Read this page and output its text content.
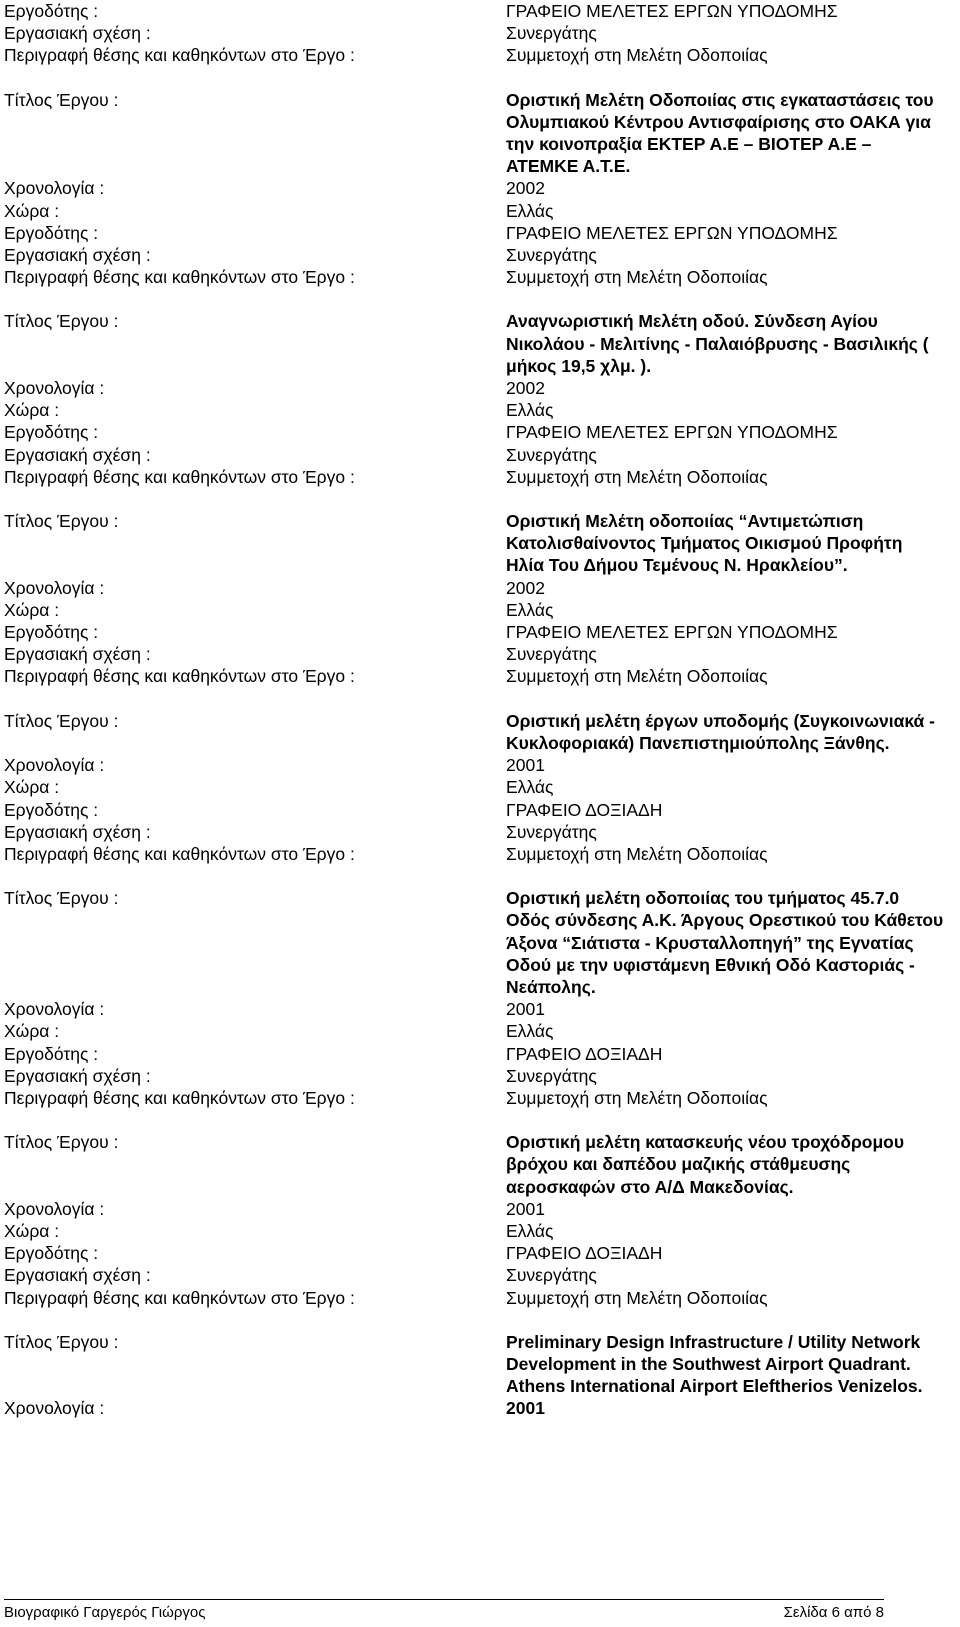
Εργοδότης :	ΓΡΑΦΕΙΟ ΜΕΛΕΤΕΣ ΕΡΓΩΝ ΥΠΟΔΟΜΗΣ
Εργασιακή σχέση :	Συνεργάτης
Περιγραφή θέσης και καθηκόντων στο Έργο :	Συμμετοχή στη Μελέτη Οδοποιίας
Τίτλος Έργου :	Οριστική Μελέτη Οδοποιίας στις εγκαταστάσεις του Ολυμπιακού Κέντρου Αντισφαίρισης στο ΟΑΚΑ για την κοινοπραξία ΕΚΤΕΡ Α.Ε – ΒΙΟΤΕΡ Α.Ε – ΑΤΕΜΚΕ Α.Τ.Ε.
Χρονολογία :	2002
Χώρα :	Ελλάς
Εργοδότης :	ΓΡΑΦΕΙΟ ΜΕΛΕΤΕΣ ΕΡΓΩΝ ΥΠΟΔΟΜΗΣ
Εργασιακή σχέση :	Συνεργάτης
Περιγραφή θέσης και καθηκόντων στο Έργο :	Συμμετοχή στη Μελέτη Οδοποιίας
Τίτλος Έργου :	Αναγνωριστική Μελέτη οδού. Σύνδεση Αγίου Νικολάου - Μελιτίνης - Παλαιόβρυσης - Βασιλικής ( μήκος 19,5 χλμ. ).
Χρονολογία :	2002
Χώρα :	Ελλάς
Εργοδότης :	ΓΡΑΦΕΙΟ ΜΕΛΕΤΕΣ ΕΡΓΩΝ ΥΠΟΔΟΜΗΣ
Εργασιακή σχέση :	Συνεργάτης
Περιγραφή θέσης και καθηκόντων στο Έργο :	Συμμετοχή στη Μελέτη Οδοποιίας
Τίτλος Έργου :	Οριστική Μελέτη οδοποιίας “Αντιμετώπιση Κατολισθαίνοντος Τμήματος Οικισμού Προφήτη Ηλία Του Δήμου Τεμένους Ν. Ηρακλείου”.
Χρονολογία :	2002
Χώρα :	Ελλάς
Εργοδότης :	ΓΡΑΦΕΙΟ ΜΕΛΕΤΕΣ ΕΡΓΩΝ ΥΠΟΔΟΜΗΣ
Εργασιακή σχέση :	Συνεργάτης
Περιγραφή θέσης και καθηκόντων στο Έργο :	Συμμετοχή στη Μελέτη Οδοποιίας
Τίτλος Έργου :	Οριστική μελέτη έργων υποδομής (Συγκοινωνιακά - Κυκλοφοριακά) Πανεπιστημιούπολης Ξάνθης.
Χρονολογία :	2001
Χώρα :	Ελλάς
Εργοδότης :	ΓΡΑΦΕΙΟ ΔΟΞΙΑΔΗ
Εργασιακή σχέση :	Συνεργάτης
Περιγραφή θέσης και καθηκόντων στο Έργο :	Συμμετοχή στη Μελέτη Οδοποιίας
Τίτλος Έργου :	Οριστική μελέτη οδοποιίας του τμήματος 45.7.0 Οδός σύνδεσης Α.Κ. Άργους Ορεστικού του Κάθετου Άξονα “Σιάτιστα - Κρυσταλλοπηγή” της Εγνατίας Οδού με την υφιστάμενη Εθνική Οδό Καστοριάς - Νεάπολης.
Χρονολογία :	2001
Χώρα :	Ελλάς
Εργοδότης :	ΓΡΑΦΕΙΟ ΔΟΞΙΑΔΗ
Εργασιακή σχέση :	Συνεργάτης
Περιγραφή θέσης και καθηκόντων στο Έργο :	Συμμετοχή στη Μελέτη Οδοποιίας
Τίτλος Έργου :	Οριστική μελέτη κατασκευής νέου τροχόδρομου βρόχου και δαπέδου μαζικής στάθμευσης αεροσκαφών στο Α/Δ Μακεδονίας.
Χρονολογία :	2001
Χώρα :	Ελλάς
Εργοδότης :	ΓΡΑΦΕΙΟ ΔΟΞΙΑΔΗ
Εργασιακή σχέση :	Συνεργάτης
Περιγραφή θέσης και καθηκόντων στο Έργο :	Συμμετοχή στη Μελέτη Οδοποιίας
Τίτλος Έργου :	Preliminary Design Infrastructure / Utility Network Development in the Southwest Airport Quadrant.
Athens International Airport Eleftherios Venizelos.
Χρονολογία :	2001
Βιογραφικό Γαργερός Γιώργος	Σελίδα 6 από 8
